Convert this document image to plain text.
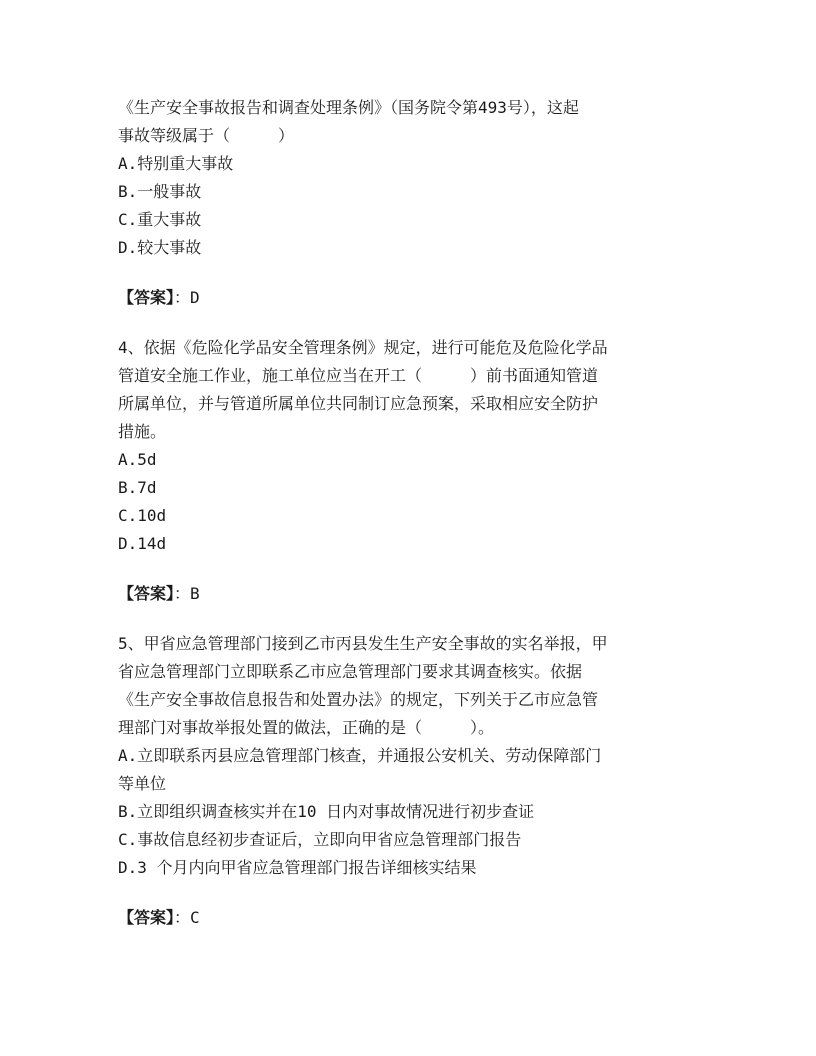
《生产安全事故报告和调查处理条例》（国务院令第493号），这起
事故等级属于（　　　）
A.特别重大事故
B.一般事故
C.重大事故
D.较大事故
【答案】：D
4、依据《危险化学品安全管理条例》规定，进行可能危及危险化学品
管道安全施工作业，施工单位应当在开工（　　　）前书面通知管道
所属单位，并与管道所属单位共同制订应急预案，采取相应安全防护
措施。
A.5d
B.7d
C.10d
D.14d
【答案】：B
5、甲省应急管理部门接到乙市丙县发生生产安全事故的实名举报，甲
省应急管理部门立即联系乙市应急管理部门要求其调查核实。依据
《生产安全事故信息报告和处置办法》的规定，下列关于乙市应急管
理部门对事故举报处置的做法，正确的是（　　　）。
A.立即联系丙县应急管理部门核查，并通报公安机关、劳动保障部门
等单位
B.立即组织调查核实并在10 日内对事故情况进行初步查证
C.事故信息经初步查证后，立即向甲省应急管理部门报告
D.3 个月内向甲省应急管理部门报告详细核实结果
【答案】：C
